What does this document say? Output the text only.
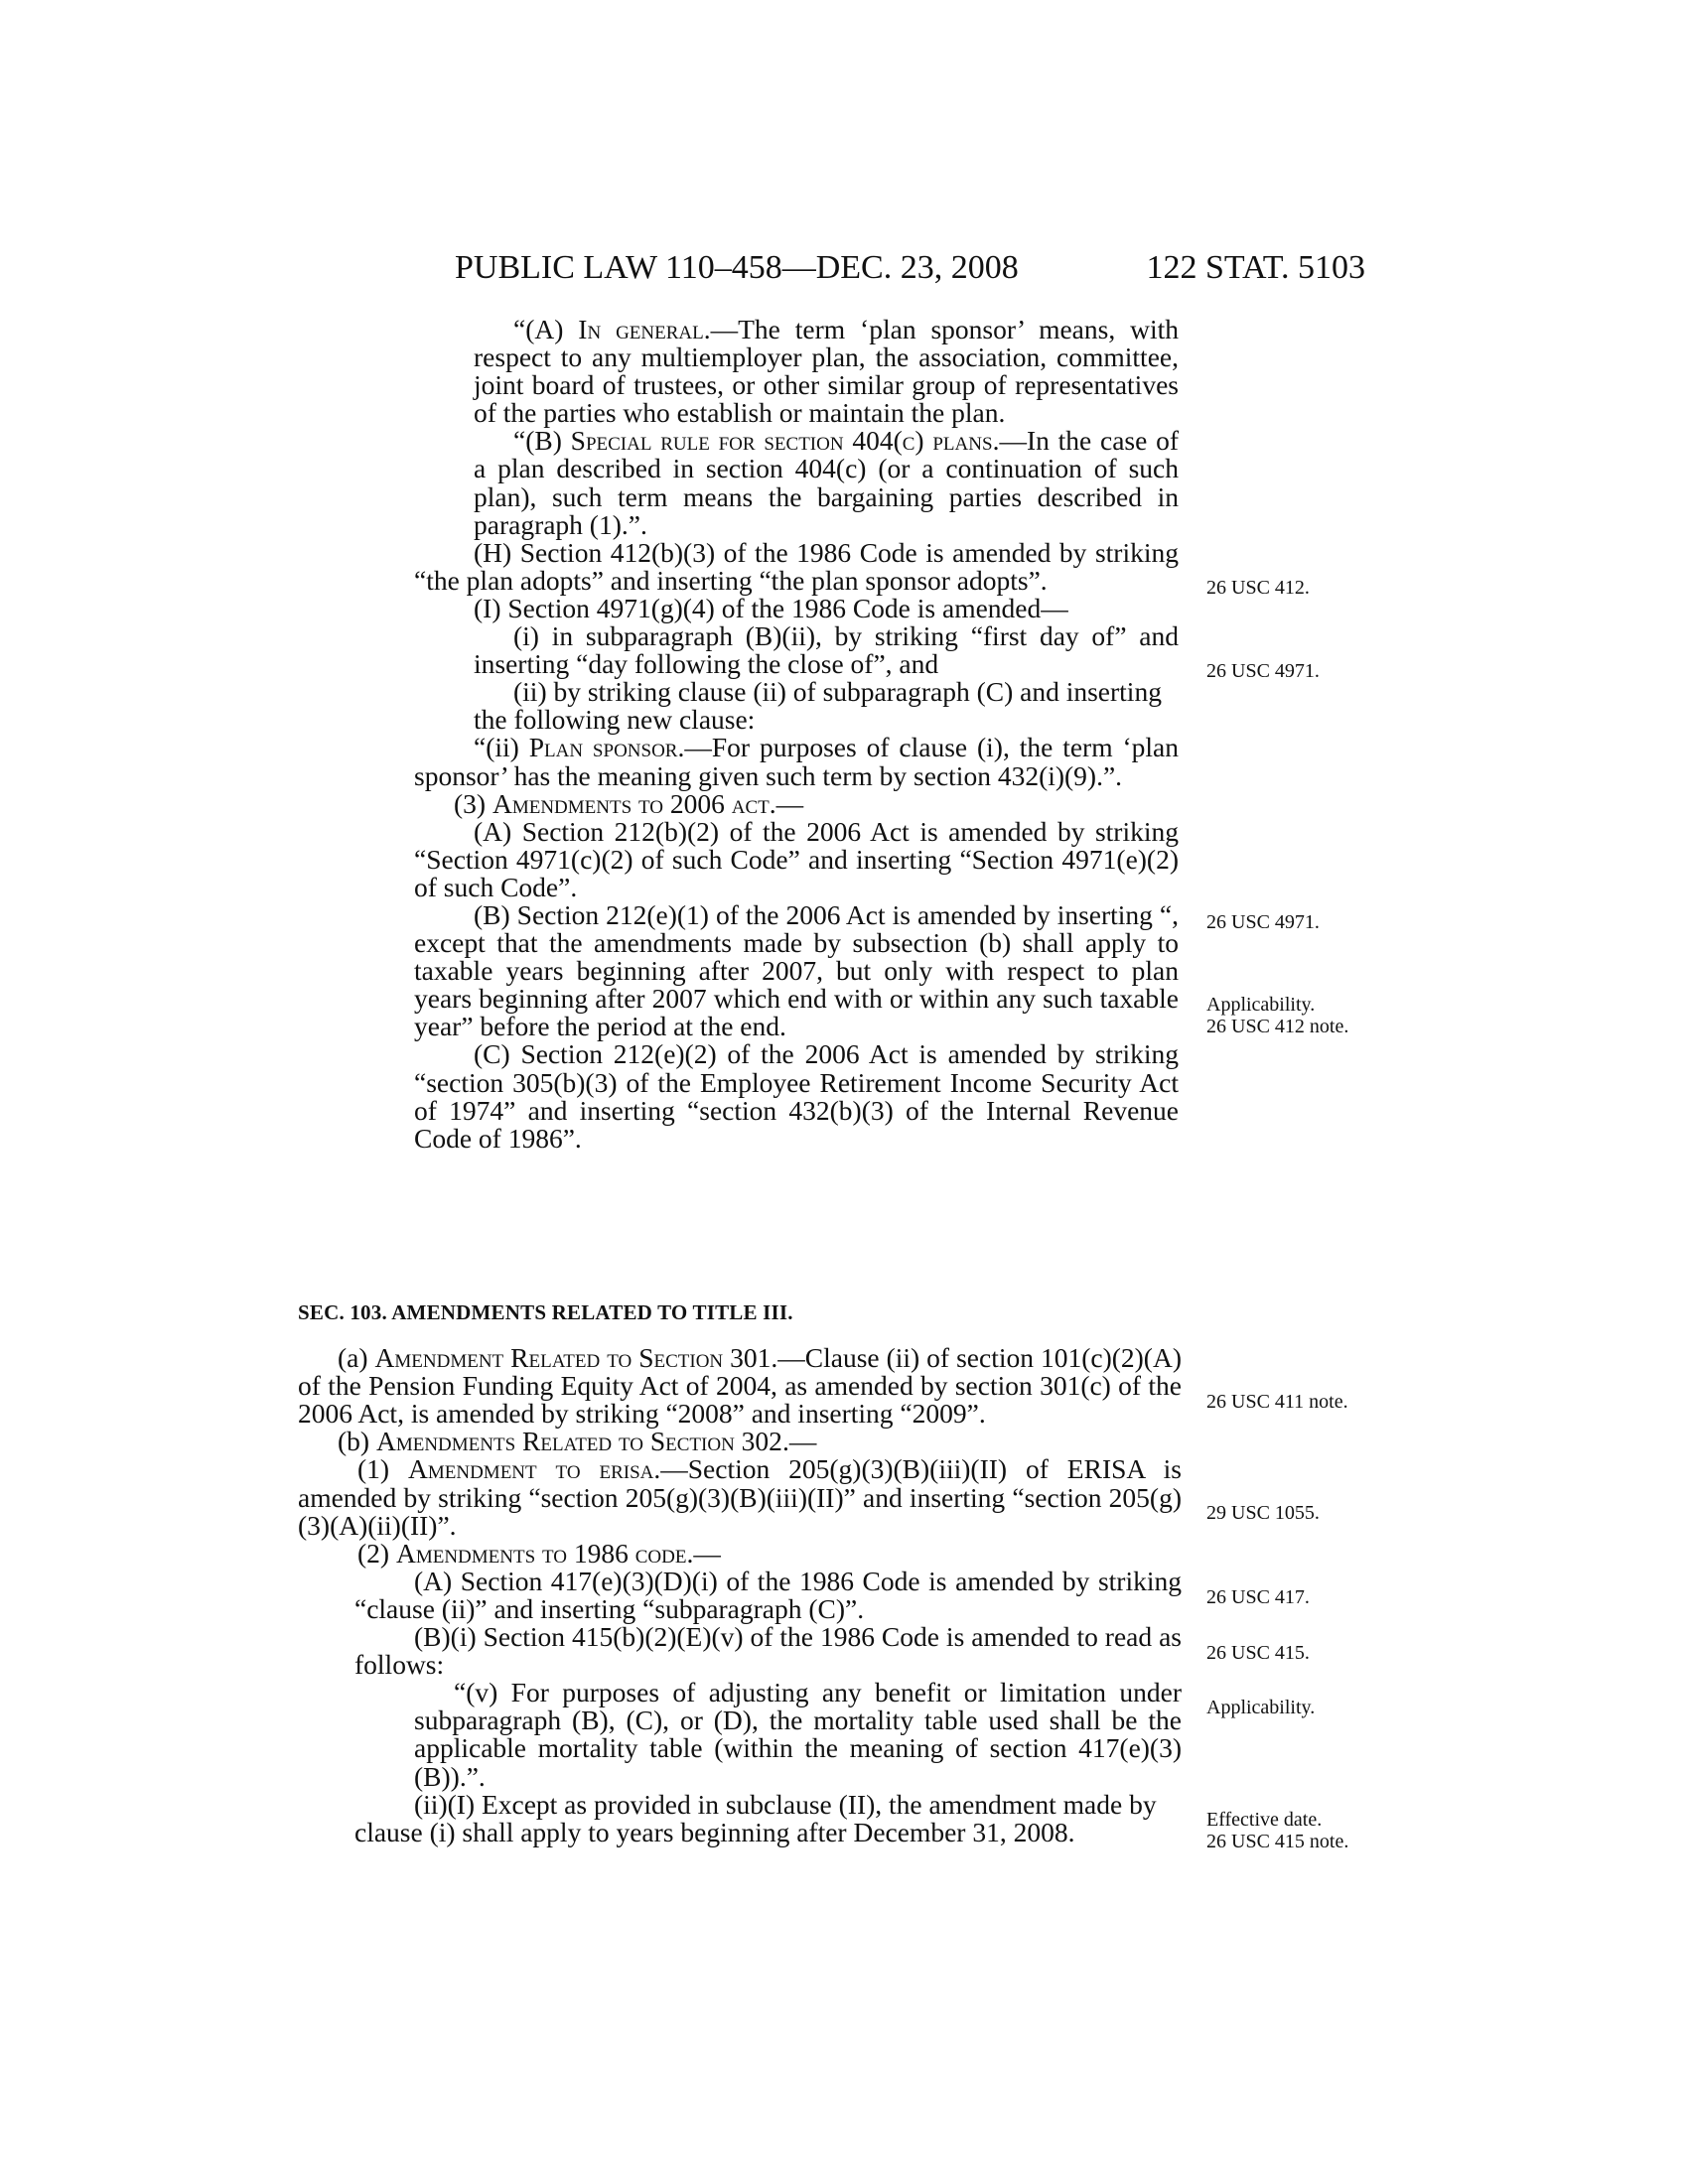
PUBLIC LAW 110–458—DEC. 23, 2008	122 STAT. 5103

“(A) In general.—The term ‘plan sponsor’ means, with respect to any multiemployer plan, the association, committee, joint board of trustees, or other similar group of representatives of the parties who establish or maintain the plan.

“(B) Special rule for section 404(c) plans.—In the case of a plan described in section 404(c) (or a continuation of such plan), such term means the bargaining parties described in paragraph (1).”.

(H) Section 412(b)(3) of the 1986 Code is amended by striking “the plan adopts” and inserting “the plan sponsor adopts”.

(I) Section 4971(g)(4) of the 1986 Code is amended—

(i) in subparagraph (B)(ii), by striking “first day of” and inserting “day following the close of”, and

(ii) by striking clause (ii) of subparagraph (C) and inserting the following new clause:

“(ii) Plan sponsor.—For purposes of clause (i), the term ‘plan sponsor’ has the meaning given such term by section 432(i)(9).”.

(3) Amendments to 2006 act.—

(A) Section 212(b)(2) of the 2006 Act is amended by striking “Section 4971(c)(2) of such Code” and inserting “Section 4971(e)(2) of such Code”.

(B) Section 212(e)(1) of the 2006 Act is amended by inserting “, except that the amendments made by subsection (b) shall apply to taxable years beginning after 2007, but only with respect to plan years beginning after 2007 which end with or within any such taxable year” before the period at the end.

(C) Section 212(e)(2) of the 2006 Act is amended by striking “section 305(b)(3) of the Employee Retirement Income Security Act of 1974” and inserting “section 432(b)(3) of the Internal Revenue Code of 1986”.

SEC. 103. AMENDMENTS RELATED TO TITLE III.

(a) Amendment Related to Section 301.—Clause (ii) of section 101(c)(2)(A) of the Pension Funding Equity Act of 2004, as amended by section 301(c) of the 2006 Act, is amended by striking “2008” and inserting “2009”.

(b) Amendments Related to Section 302.—

(1) Amendment to erisa.—Section 205(g)(3)(B)(iii)(II) of ERISA is amended by striking “section 205(g)(3)(B)(iii)(II)” and inserting “section 205(g)(3)(A)(ii)(II)”.

(2) Amendments to 1986 code.—

(A) Section 417(e)(3)(D)(i) of the 1986 Code is amended by striking “clause (ii)” and inserting “subparagraph (C)”.

(B)(i) Section 415(b)(2)(E)(v) of the 1986 Code is amended to read as follows:

“(v) For purposes of adjusting any benefit or limitation under subparagraph (B), (C), or (D), the mortality table used shall be the applicable mortality table (within the meaning of section 417(e)(3)(B)).”.

(ii)(I) Except as provided in subclause (II), the amendment made by clause (i) shall apply to years beginning after December 31, 2008.

26 USC 412.
26 USC 4971.
26 USC 4971.
Applicability.
26 USC 412 note.
26 USC 411 note.
29 USC 1055.
26 USC 417.
26 USC 415.
Applicability.
Effective date.
26 USC 415 note.
